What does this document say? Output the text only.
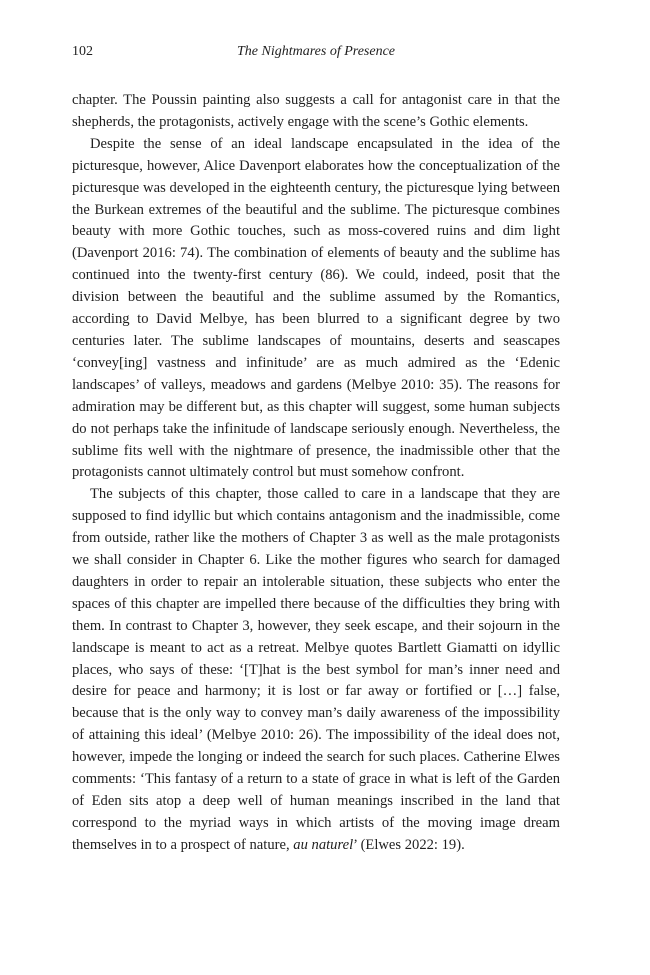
102	The Nightmares of Presence

chapter. The Poussin painting also suggests a call for antagonist care in that the shepherds, the protagonists, actively engage with the scene’s Gothic elements.

Despite the sense of an ideal landscape encapsulated in the idea of the picturesque, however, Alice Davenport elaborates how the conceptualization of the picturesque was developed in the eighteenth century, the picturesque lying between the Burkean extremes of the beautiful and the sublime. The picturesque combines beauty with more Gothic touches, such as moss-covered ruins and dim light (Davenport 2016: 74). The combination of elements of beauty and the sublime has continued into the twenty-first century (86). We could, indeed, posit that the division between the beautiful and the sublime assumed by the Romantics, according to David Melbye, has been blurred to a significant degree by two centuries later. The sublime landscapes of mountains, deserts and seascapes ‘convey[ing] vastness and infinitude’ are as much admired as the ‘Edenic landscapes’ of valleys, meadows and gardens (Melbye 2010: 35). The reasons for admiration may be different but, as this chapter will suggest, some human subjects do not perhaps take the infinitude of landscape seriously enough. Nevertheless, the sublime fits well with the nightmare of presence, the inadmissible other that the protagonists cannot ultimately control but must somehow confront.

The subjects of this chapter, those called to care in a landscape that they are supposed to find idyllic but which contains antagonism and the inadmissible, come from outside, rather like the mothers of Chapter 3 as well as the male protagonists we shall consider in Chapter 6. Like the mother figures who search for damaged daughters in order to repair an intolerable situation, these subjects who enter the spaces of this chapter are impelled there because of the difficulties they bring with them. In contrast to Chapter 3, however, they seek escape, and their sojourn in the landscape is meant to act as a retreat. Melbye quotes Bartlett Giamatti on idyllic places, who says of these: ‘[T]hat is the best symbol for man’s inner need and desire for peace and harmony; it is lost or far away or fortified or […] false, because that is the only way to convey man’s daily awareness of the impossibility of attaining this ideal’ (Melbye 2010: 26). The impossibility of the ideal does not, however, impede the longing or indeed the search for such places. Catherine Elwes comments: ‘This fantasy of a return to a state of grace in what is left of the Garden of Eden sits atop a deep well of human meanings inscribed in the land that correspond to the myriad ways in which artists of the moving image dream themselves in to a prospect of nature, au naturel’ (Elwes 2022: 19).
